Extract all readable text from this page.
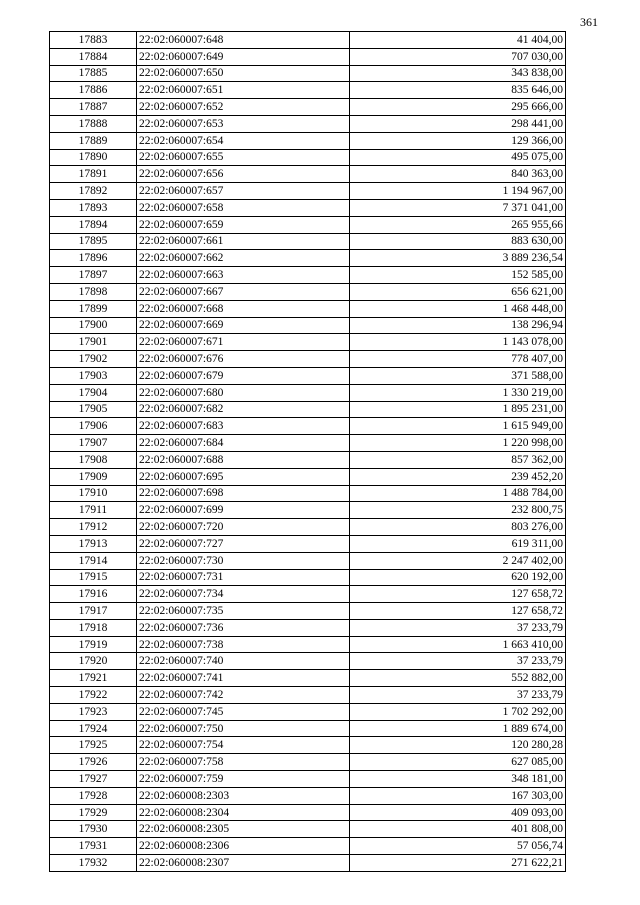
361
17883	22:02:060007:648	41 404,00
17884	22:02:060007:649	707 030,00
17885	22:02:060007:650	343 838,00
17886	22:02:060007:651	835 646,00
17887	22:02:060007:652	295 666,00
17888	22:02:060007:653	298 441,00
17889	22:02:060007:654	129 366,00
17890	22:02:060007:655	495 075,00
17891	22:02:060007:656	840 363,00
17892	22:02:060007:657	1 194 967,00
17893	22:02:060007:658	7 371 041,00
17894	22:02:060007:659	265 955,66
17895	22:02:060007:661	883 630,00
17896	22:02:060007:662	3 889 236,54
17897	22:02:060007:663	152 585,00
17898	22:02:060007:667	656 621,00
17899	22:02:060007:668	1 468 448,00
17900	22:02:060007:669	138 296,94
17901	22:02:060007:671	1 143 078,00
17902	22:02:060007:676	778 407,00
17903	22:02:060007:679	371 588,00
17904	22:02:060007:680	1 330 219,00
17905	22:02:060007:682	1 895 231,00
17906	22:02:060007:683	1 615 949,00
17907	22:02:060007:684	1 220 998,00
17908	22:02:060007:688	857 362,00
17909	22:02:060007:695	239 452,20
17910	22:02:060007:698	1 488 784,00
17911	22:02:060007:699	232 800,75
17912	22:02:060007:720	803 276,00
17913	22:02:060007:727	619 311,00
17914	22:02:060007:730	2 247 402,00
17915	22:02:060007:731	620 192,00
17916	22:02:060007:734	127 658,72
17917	22:02:060007:735	127 658,72
17918	22:02:060007:736	37 233,79
17919	22:02:060007:738	1 663 410,00
17920	22:02:060007:740	37 233,79
17921	22:02:060007:741	552 882,00
17922	22:02:060007:742	37 233,79
17923	22:02:060007:745	1 702 292,00
17924	22:02:060007:750	1 889 674,00
17925	22:02:060007:754	120 280,28
17926	22:02:060007:758	627 085,00
17927	22:02:060007:759	348 181,00
17928	22:02:060008:2303	167 303,00
17929	22:02:060008:2304	409 093,00
17930	22:02:060008:2305	401 808,00
17931	22:02:060008:2306	57 056,74
17932	22:02:060008:2307	271 622,21
